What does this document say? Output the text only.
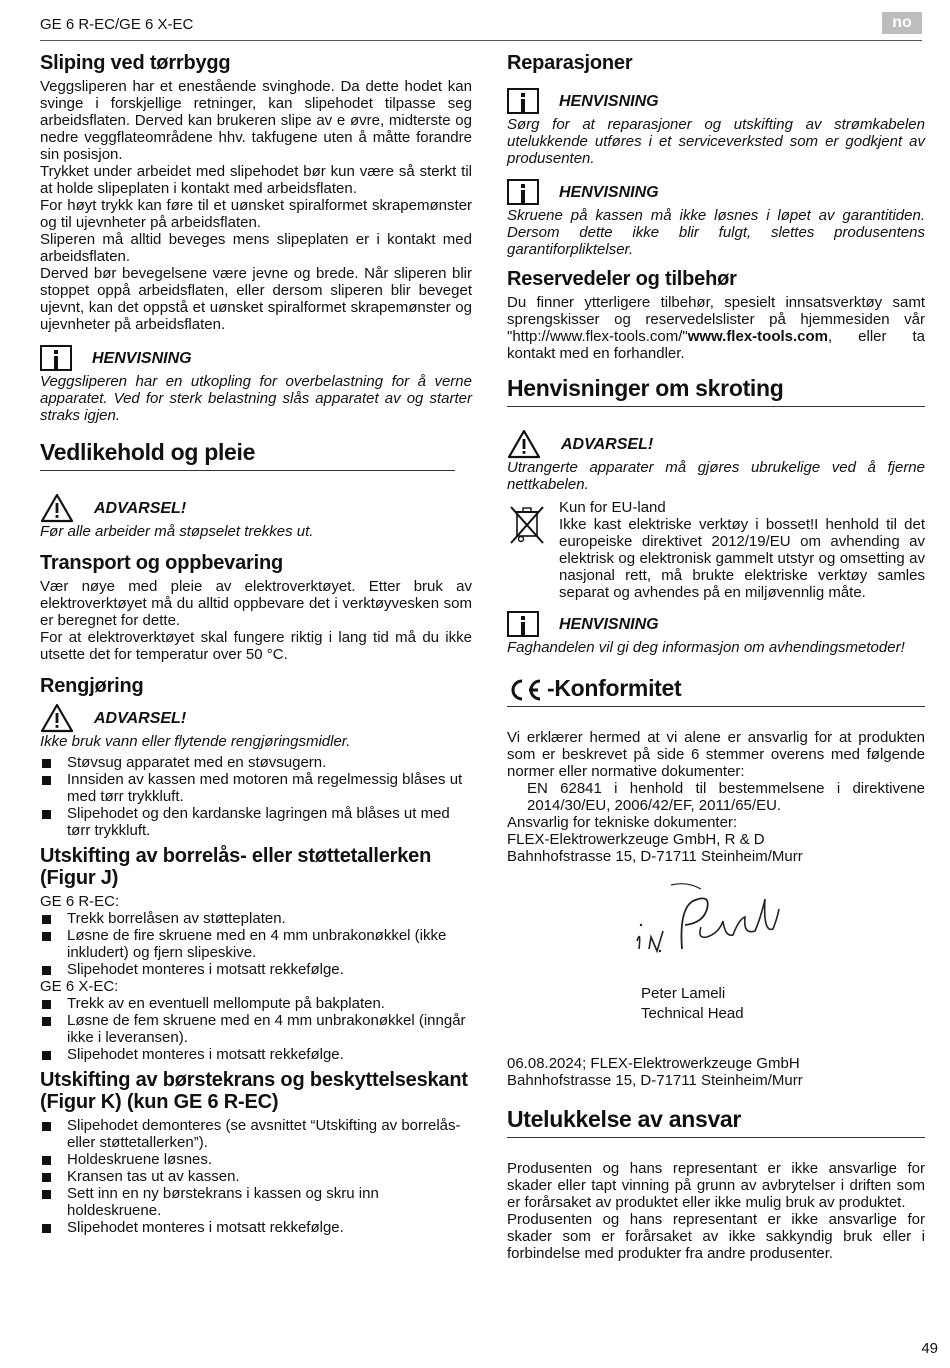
GE 6 R-EC/GE 6 X-EC	no
Sliping ved tørrbygg

Veggsliperen har et enestående svinghode. Da dette hodet kan svinge i forskjellige retninger, kan slipehodet tilpasse seg arbeidsflaten. Derved kan brukeren slipe av e øvre, midterste og nedre veggflateområdene hhv. takfugene uten å måtte forandre sin posisjon.

Trykket under arbeidet med slipehodet bør kun være så sterkt til at holde slipeplaten i kontakt med arbeidsflaten.

For høyt trykk kan føre til et uønsket spiralformet skrapemønster og til ujevnheter på arbeidsflaten.

Sliperen må alltid beveges mens slipeplaten er i kontakt med arbeidsflaten.

Derved bør bevegelsene være jevne og brede. Når sliperen blir stoppet oppå arbeidsflaten, eller dersom sliperen blir beveget ujevnt, kan det oppstå et uønsket spiralformet skrapemønster og ujevnheter på arbeidsflaten.

HENVISNING

Veggsliperen har en utkopling for overbelastning for å verne apparatet. Ved for sterk belastning slås apparatet av og starter straks igjen.

Vedlikehold og pleie
ADVARSEL!

Før alle arbeider må støpselet trekkes ut.

Transport og oppbevaring

Vær nøye med pleie av elektroverktøyet. Etter bruk av elektroverktøyet må du alltid oppbevare det i verktøyvesken som er beregnet for dette.

For at elektroverktøyet skal fungere riktig i lang tid må du ikke utsette det for temperatur over 50 °C.

Rengjøring
ADVARSEL!

Ikke bruk vann eller flytende rengjøringsmidler.

Støvsug apparatet med en støvsugern.
Innsiden av kassen med motoren må regelmessig blåses ut med tørr trykkluft.
Slipehodet og den kardanske lagringen må blåses ut med tørr trykkluft.
Utskifting av borrelås- eller støttetallerken (Figur J)

GE 6 R-EC:

Trekk borrelåsen av støtteplaten.
Løsne de fire skruene med en 4 mm unbrakonøkkel (ikke inkludert) og fjern slipeskive.
Slipehodet monteres i motsatt rekkefølge.

GE 6 X-EC:

Trekk av en eventuell mellompute på bakplaten.
Løsne de fem skruene med en 4 mm unbrakonøkkel (inngår ikke i leveransen).
Slipehodet monteres i motsatt rekkefølge.
Utskifting av børstekrans og beskyttelseskant (Figur K) (kun GE 6 R-EC)
Slipehodet demonteres (se avsnittet “Utskifting av borrelås- eller støttetallerken”).
Holdeskruene løsnes.
Kransen tas ut av kassen.
Sett inn en ny børstekrans i kassen og skru inn holdeskruene.
Slipehodet monteres i motsatt rekkefølge.
Reparasjoner
HENVISNING

Sørg for at reparasjoner og utskifting av strømkabelen utelukkende utføres i et serviceverksted som er godkjent av produsenten.

HENVISNING

Skruene på kassen må ikke løsnes i løpet av garantitiden. Dersom dette ikke blir fulgt, slettes produsentens garantiforpliktelser.

Reservedeler og tilbehør

Du finner ytterligere tilbehør, spesielt innsatsverktøy samt sprengskisser og reservedelslister på hjemmesiden vår "http://www.flex-tools.com/"www.flex-tools.com, eller ta kontakt med en forhandler.

Henvisninger om skroting
ADVARSEL!

Utrangerte apparater må gjøres ubrukelige ved å fjerne nettkabelen.

Kun for EU-land

Ikke kast elektriske verktøy i bosset!I henhold til det europeiske direktivet 2012/19/EU om avhending av elektrisk og elektronisk gammelt utstyr og omsetting av nasjonal rett, må brukte elektriske verktøy samles separat og avhendes på en miljøvennlig måte.

HENVISNING

Faghandelen vil gi deg informasjon om avhendingsmetoder!

-Konformitet

Vi erklærer hermed at vi alene er ansvarlig for at produkten som er beskrevet på side 6 stemmer overens med følgende normer eller normative dokumenter:

EN 62841 i henhold til bestemmelsene i direktivene 2014/30/EU, 2006/42/EF, 2011/65/EU.

Ansvarlig for tekniske dokumenter:

FLEX-Elektrowerkzeuge GmbH, R & D

Bahnhofstrasse 15, D-71711 Steinheim/Murr

Peter Lameli
Technical Head

06.08.2024; FLEX-Elektrowerkzeuge GmbH

Bahnhofstrasse 15, D-71711 Steinheim/Murr

Utelukkelse av ansvar

Produsenten og hans representant er ikke ansvarlige for skader eller tapt vinning på grunn av avbrytelser i driften som er forårsaket av produktet eller ikke mulig bruk av produktet.

Produsenten og hans representant er ikke ansvarlige for skader som er forårsaket av ikke sakkyndig bruk eller i forbindelse med produkter fra andre produsenter.

49
